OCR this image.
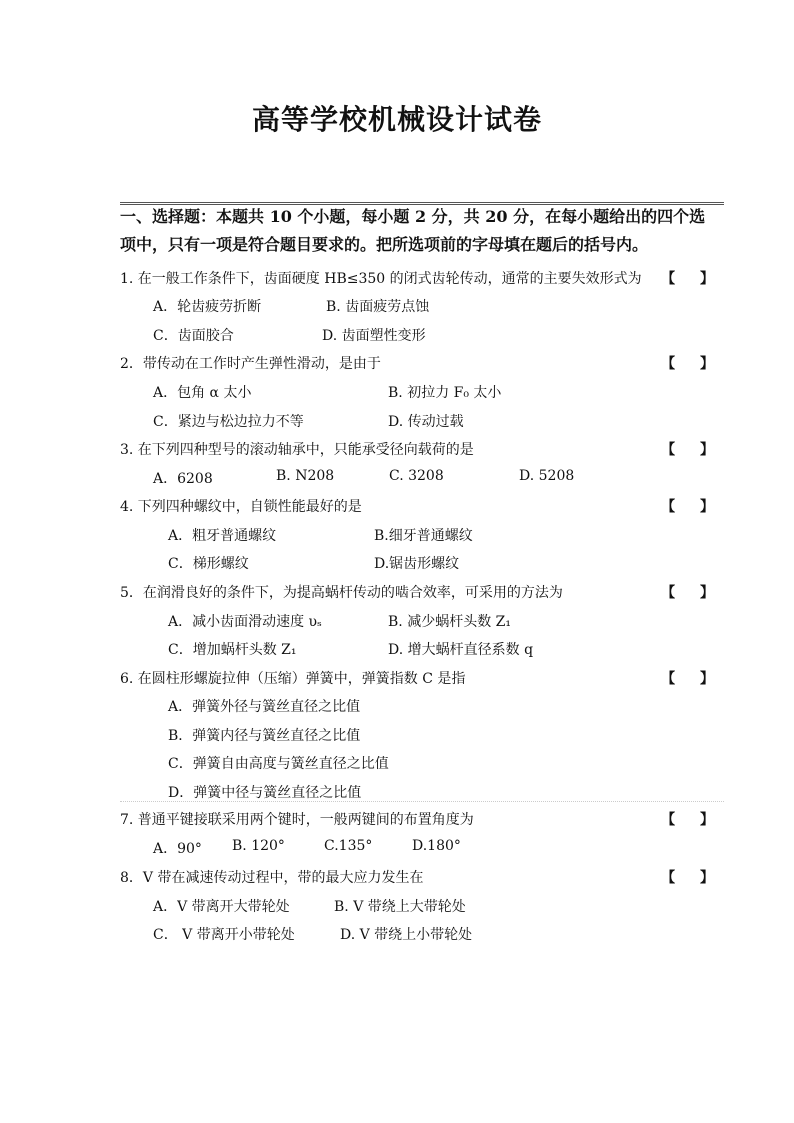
高等学校机械设计试卷
一、选择题：本题共 10 个小题，每小题 2 分，共 20 分，在每小题给出的四个选
项中，只有一项是符合题目要求的。把所选项前的字母填在题后的括号内。
1. 在一般工作条件下，齿面硬度 HB≤350 的闭式齿轮传动，通常的主要失效形式为 【 】
A．轮齿疲劳折断	B. 齿面疲劳点蚀
C．齿面胶合	D. 齿面塑性变形
2．带传动在工作时产生弹性滑动，是由于	【 】
A．包角 α 太小	B. 初拉力 F₀ 太小
C．紧边与松边拉力不等	D. 传动过载
3. 在下列四种型号的滚动轴承中，只能承受径向载荷的是	【 】
A．6208	B. N208	C. 3208	D. 5208
4. 下列四种螺纹中，自锁性能最好的是	【 】
A．粗牙普通螺纹	B.细牙普通螺纹
C．梯形螺纹	D.锯齿形螺纹
5．在润滑良好的条件下，为提高蜗杆传动的啮合效率，可采用的方法为	【 】
A．减小齿面滑动速度 υₛ	B. 减少蜗杆头数 Z₁
C．增加蜗杆头数 Z₁	D. 增大蜗杆直径系数 q
6. 在圆柱形螺旋拉伸（压缩）弹簧中，弹簧指数 C 是指	【 】
A．弹簧外径与簧丝直径之比值
B．弹簧内径与簧丝直径之比值
C．弹簧自由高度与簧丝直径之比值
D．弹簧中径与簧丝直径之比值
7. 普通平键接联采用两个键时，一般两键间的布置角度为	【 】
A．90° B. 120°	C.135°	D.180°
8．V 带在减速传动过程中，带的最大应力发生在	【 】
A．V 带离开大带轮处	B. V 带绕上大带轮处
C． V 带离开小带轮处	D. V 带绕上小带轮处
